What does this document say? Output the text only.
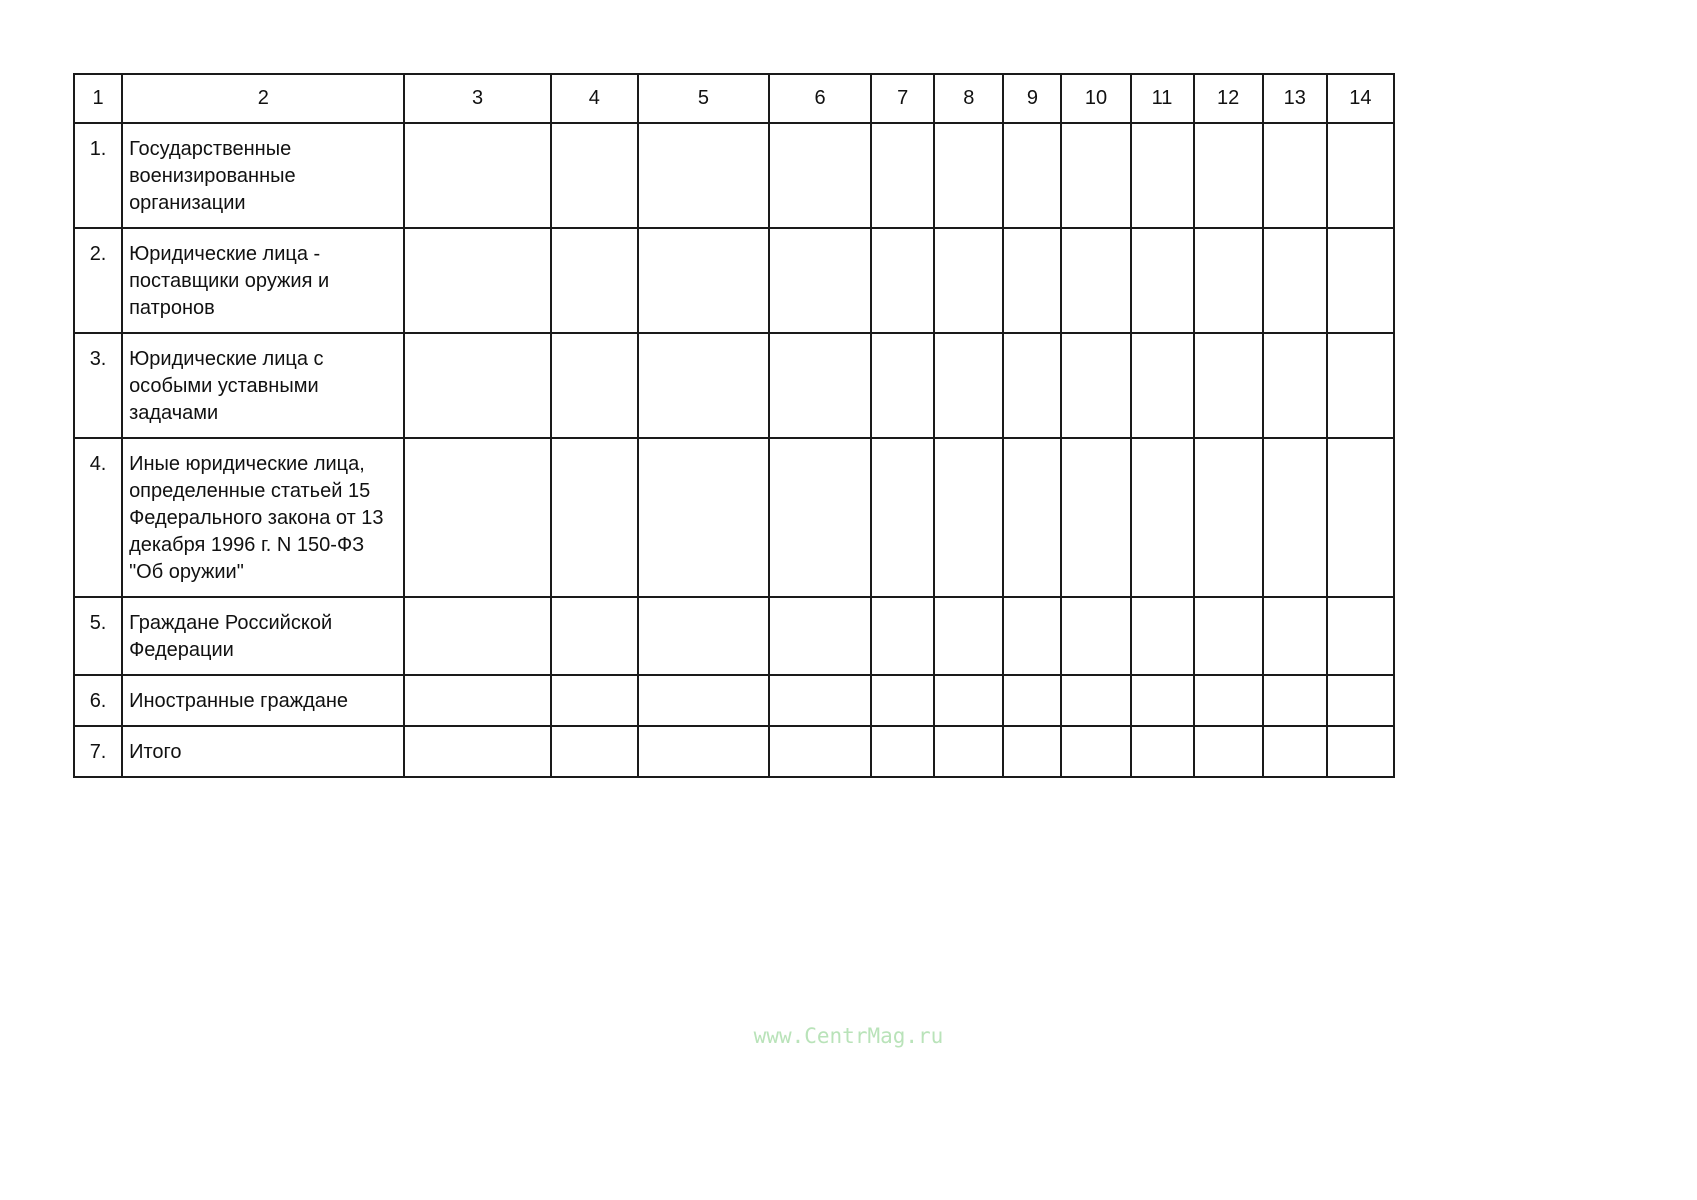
1	2	3	4	5	6	7	8	9	10	11	12	13	14
1.	Государственные
военизированные
организации												

2.	Юридические лица -
поставщики оружия и
патронов												

3.	Юридические лица с
особыми уставными
задачами												

4.	Иные юридические лица,
определенные статьей 15
Федерального закона от 13
декабря 1996 г. N 150-ФЗ
"Об оружии"												

5.	Граждане Российской
Федерации												

6.	Иностранные граждане												

7.	Итого												

www.CentrMag.ru
